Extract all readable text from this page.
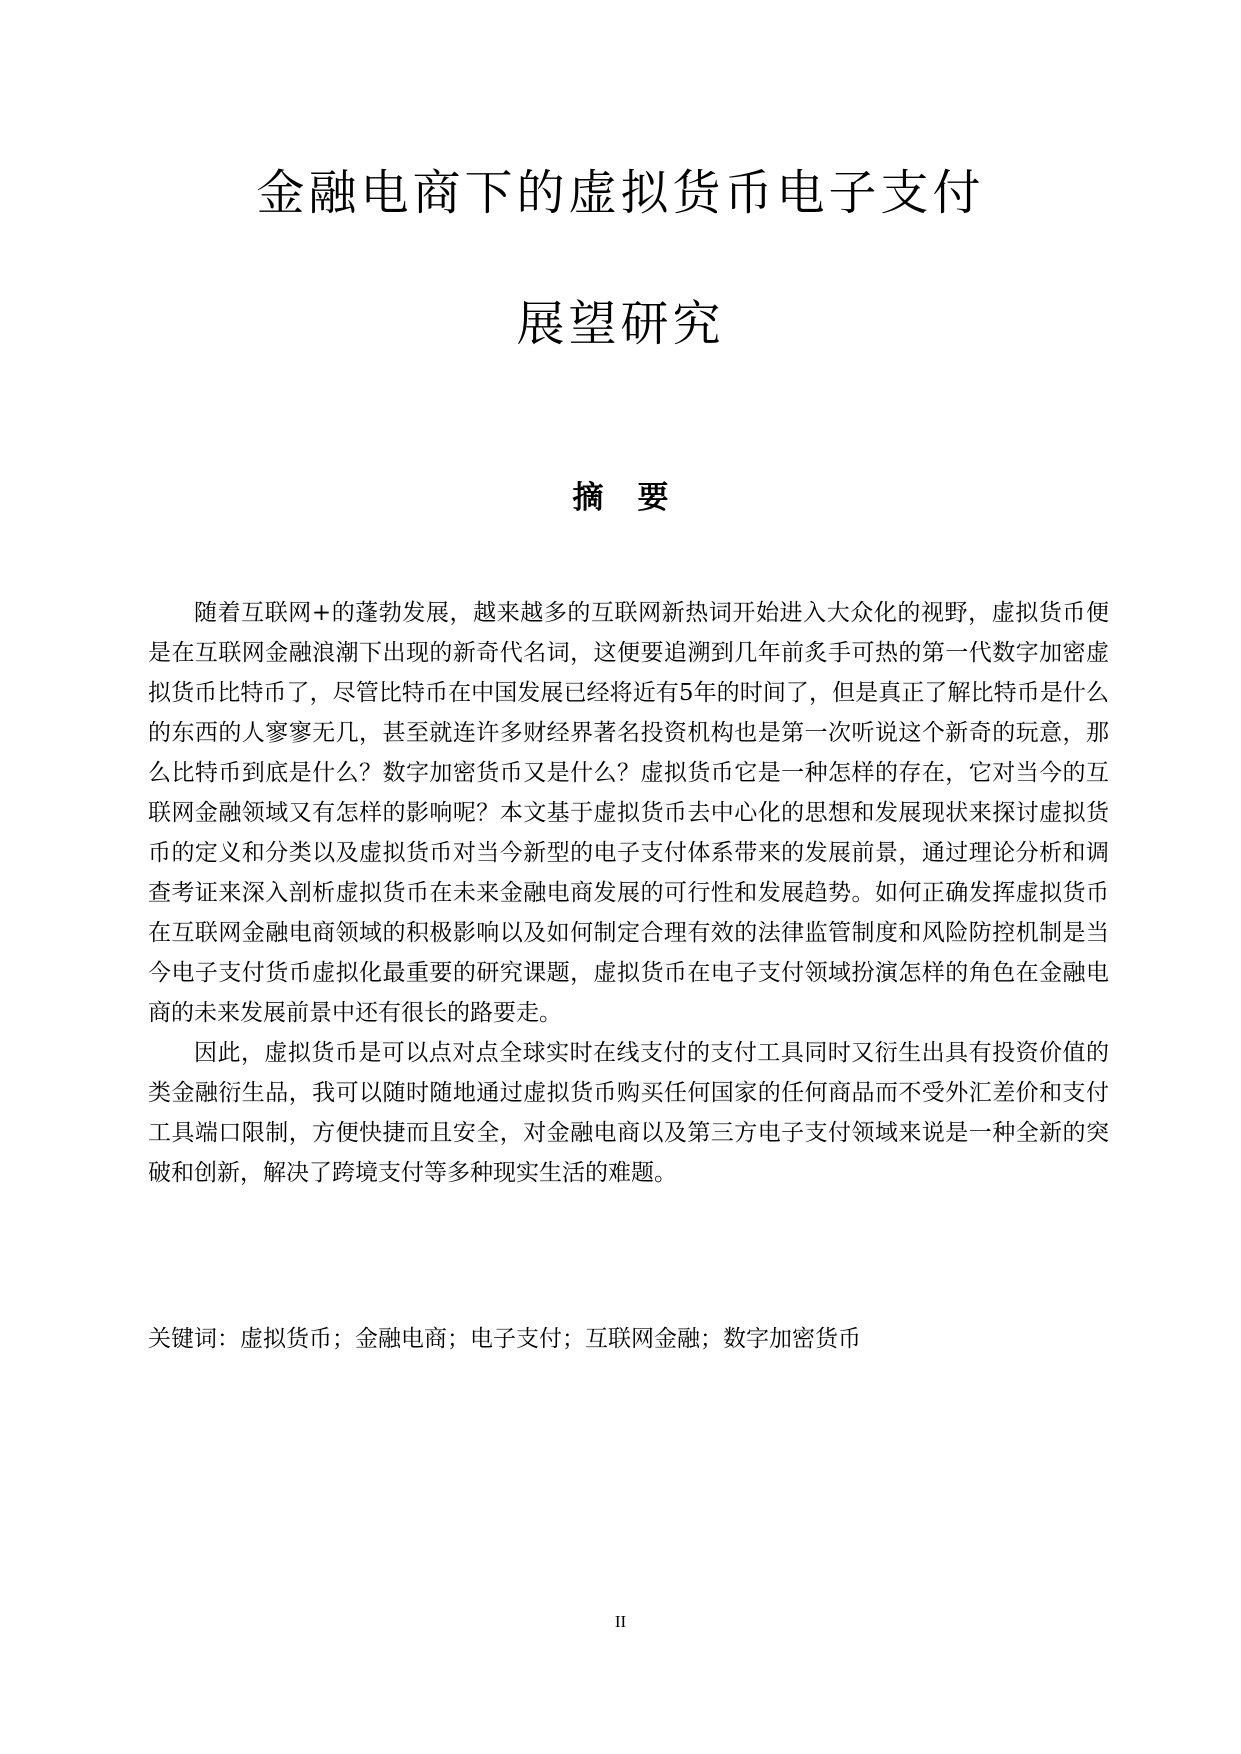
金融电商下的虚拟货币电子支付
展望研究
摘 要

随着互联网+的蓬勃发展，越来越多的互联网新热词开始进入大众化的视野，虚拟货币便是在互联网金融浪潮下出现的新奇代名词，这便要追溯到几年前炙手可热的第一代数字加密虚拟货币比特币了，尽管比特币在中国发展已经将近有5年的时间了，但是真正了解比特币是什么的东西的人寥寥无几，甚至就连许多财经界著名投资机构也是第一次听说这个新奇的玩意，那么比特币到底是什么？数字加密货币又是什么？虚拟货币它是一种怎样的存在，它对当今的互联网金融领域又有怎样的影响呢？本文基于虚拟货币去中心化的思想和发展现状来探讨虚拟货币的定义和分类以及虚拟货币对当今新型的电子支付体系带来的发展前景，通过理论分析和调查考证来深入剖析虚拟货币在未来金融电商发展的可行性和发展趋势。如何正确发挥虚拟货币在互联网金融电商领域的积极影响以及如何制定合理有效的法律监管制度和风险防控机制是当今电子支付货币虚拟化最重要的研究课题，虚拟货币在电子支付领域扮演怎样的角色在金融电商的未来发展前景中还有很长的路要走。

因此，虚拟货币是可以点对点全球实时在线支付的支付工具同时又衍生出具有投资价值的类金融衍生品，我可以随时随地通过虚拟货币购买任何国家的任何商品而不受外汇差价和支付工具端口限制，方便快捷而且安全，对金融电商以及第三方电子支付领域来说是一种全新的突破和创新，解决了跨境支付等多种现实生活的难题。

关键词：虚拟货币；金融电商；电子支付；互联网金融；数字加密货币
II
